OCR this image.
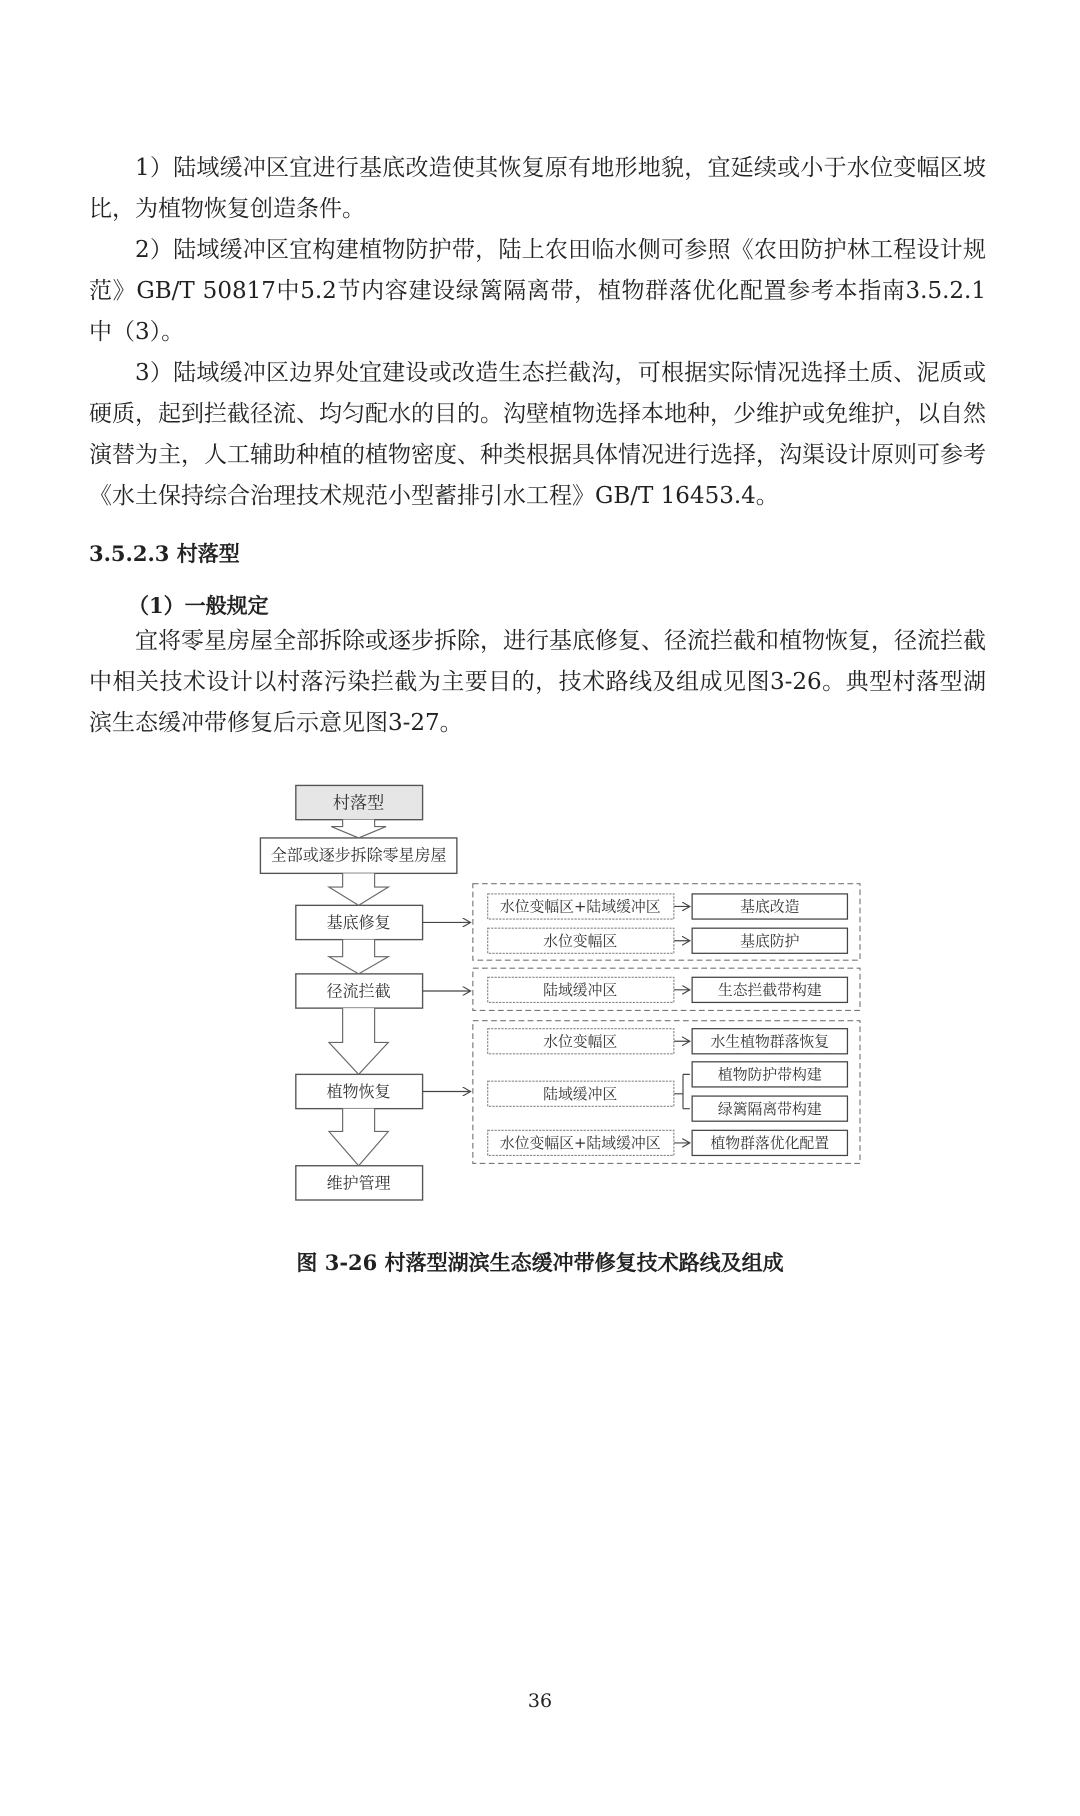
1）陆域缓冲区宜进行基底改造使其恢复原有地形地貌，宜延续或小于水位变幅区坡比，为植物恢复创造条件。

2）陆域缓冲区宜构建植物防护带，陆上农田临水侧可参照《农田防护林工程设计规范》GB/T 50817中5.2节内容建设绿篱隔离带，植物群落优化配置参考本指南3.5.2.1中（3）。

3）陆域缓冲区边界处宜建设或改造生态拦截沟，可根据实际情况选择土质、泥质或硬质，起到拦截径流、均匀配水的目的。沟壁植物选择本地种，少维护或免维护，以自然演替为主，人工辅助种植的植物密度、种类根据具体情况进行选择，沟渠设计原则可参考《水土保持综合治理技术规范小型蓄排引水工程》GB/T 16453.4。

3.5.2.3 村落型
（1）一般规定

宜将零星房屋全部拆除或逐步拆除，进行基底修复、径流拦截和植物恢复，径流拦截中相关技术设计以村落污染拦截为主要目的，技术路线及组成见图3-26。典型村落型湖滨生态缓冲带修复后示意见图3-27。

村落型
全部或逐步拆除零星房屋
基底修复
径流拦截
植物恢复
维护管理
水位变幅区+陆域缓冲区
水位变幅区
陆域缓冲区
水位变幅区
陆域缓冲区
水位变幅区+陆域缓冲区
基底改造
基底防护
生态拦截带构建
水生植物群落恢复
植物防护带构建
绿篱隔离带构建
植物群落优化配置
图 3-26 村落型湖滨生态缓冲带修复技术路线及组成
36
